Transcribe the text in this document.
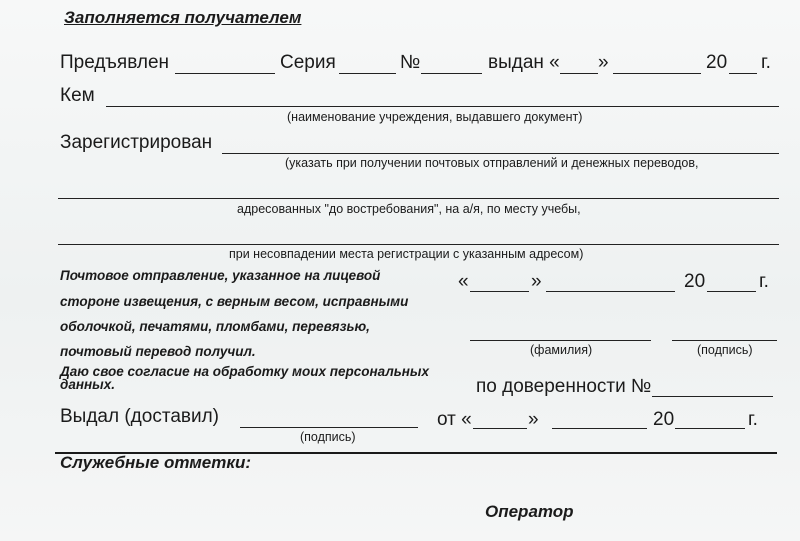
Заполняется получателем
Предъявлен	Серия	№	выдан « »	20 г.
Кем
(наименование учреждения, выдавшего документ)
Зарегистрирован
(указать при получении почтовых отправлений и денежных переводов,
адресованных "до востребования", на а/я, по месту учебы,
при несовпадении места регистрации с указанным адресом)
Почтовое отправление, указанное на лицевой
стороне извещения, с верным весом, исправными
оболочкой, печатями, пломбами, перевязью,
почтовый перевод получил.
Даю свое согласие на обработку моих персональных
данных.
«	»	20	г.
(фамилия)	(подпись)
по доверенности №
Выдал (доставил)
(подпись)
от «	»	20	г.
Служебные отметки:
Оператор
